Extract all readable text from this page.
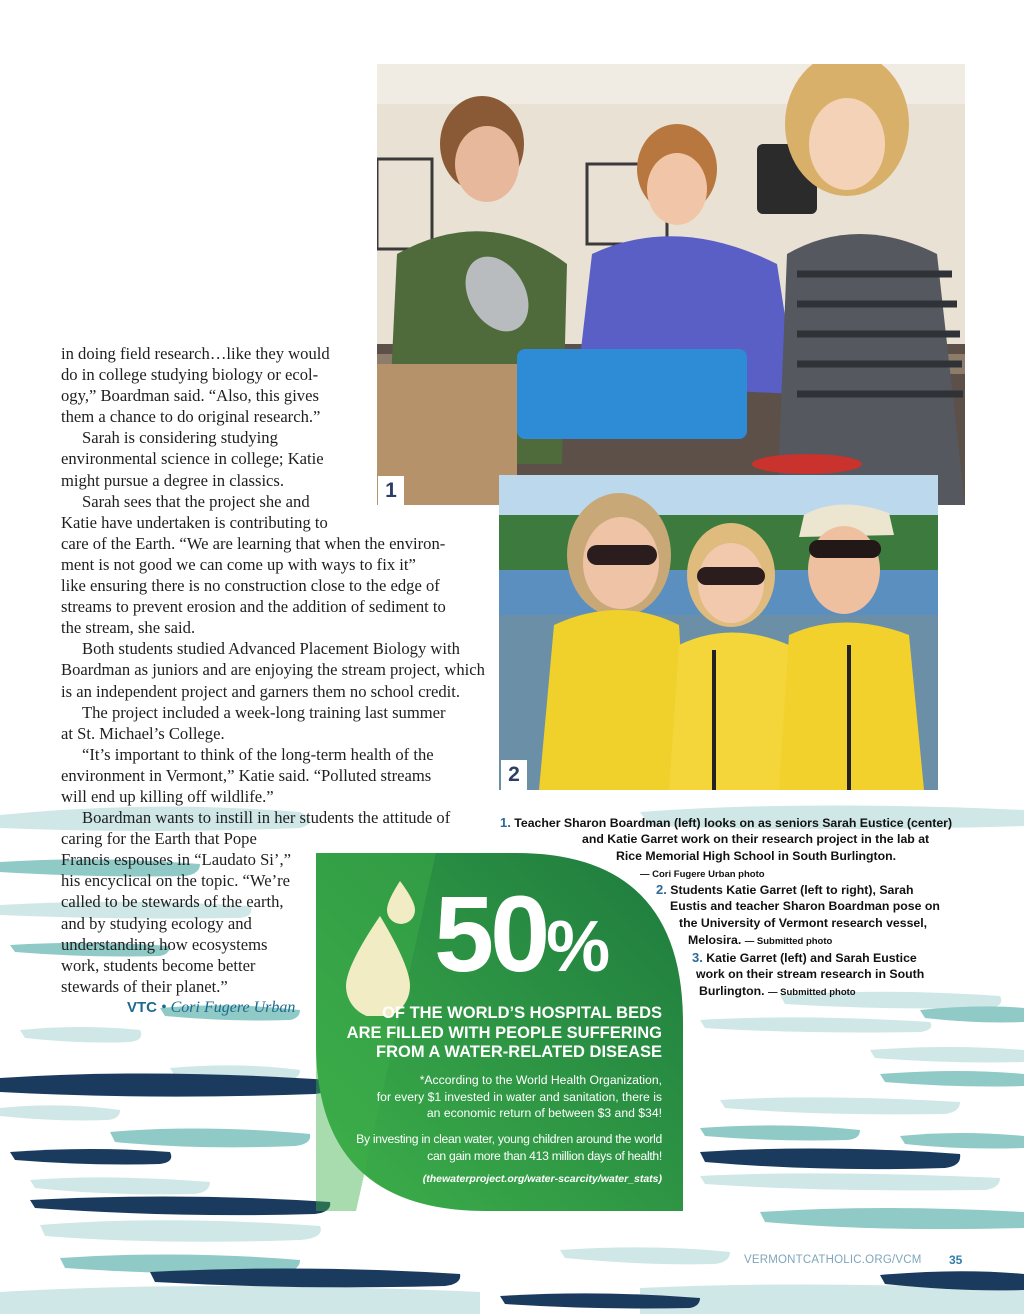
1
2

in doing field research…like they would

do in college studying biology or ecol-

ogy,” Boardman said. “Also, this gives

them a chance to do original research.”

Sarah is considering studying

environmental science in college; Katie

might pursue a degree in classics.

Sarah sees that the project she and

Katie have undertaken is contributing to

care of the Earth. “We are learning that when the environ-

ment is not good we can come up with ways to fix it”

like ensuring there is no construction close to the edge of

streams to prevent erosion and the addition of sediment to

the stream, she said.

Both students studied Advanced Placement Biology with

Boardman as juniors and are enjoying the stream project, which

is an independent project and garners them no school credit.

The project included a week-long training last summer

at St. Michael’s College.

“It’s important to think of the long-term health of the

environment in Vermont,” Katie said. “Polluted streams

will end up killing off wildlife.”

Boardman wants to instill in her students the attitude of

caring for the Earth that Pope

Francis espouses in “Laudato Si’,”

his encyclical on the topic. “We’re

called to be stewards of the earth,

and by studying ecology and

understanding how ecosystems

work, students become better

stewards of their planet.”

VTC • Cori Fugere Urban

1. Teacher Sharon Boardman (left) looks on as seniors Sarah Eustice (center)
and Katie Garret work on their research project in the lab at
Rice Memorial High School in South Burlington.
— Cori Fugere Urban photo
2. Students Katie Garret (left to right), Sarah
Eustis and teacher Sharon Boardman pose on
the University of Vermont research vessel,
Melosira. — Submitted photo
3. Katie Garret (left) and Sarah Eustice
work on their stream research in South
Burlington. — Submitted photo
50%
OF THE WORLD’S HOSPITAL BEDS
ARE FILLED WITH PEOPLE SUFFERING
FROM A WATER-RELATED DISEASE
*According to the World Health Organization,
for every $1 invested in water and sanitation, there is
an economic return of between $3 and $34!
By investing in clean water, young children around the world
can gain more than 413 million days of health!
(thewaterproject.org/water-scarcity/water_stats)
VERMONTCATHOLIC.ORG/VCM 35
